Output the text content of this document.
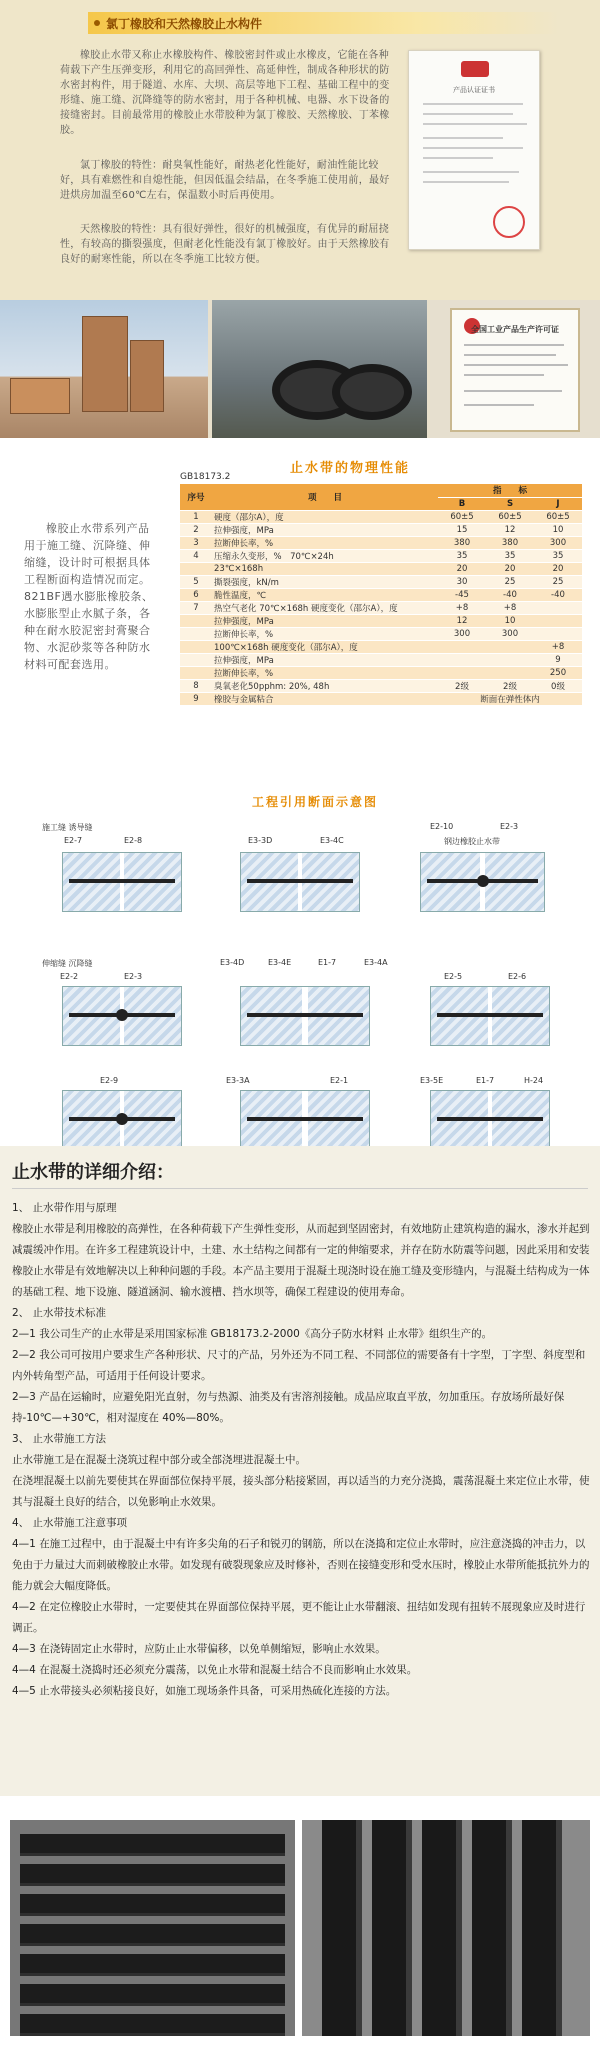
氯丁橡胶和天然橡胶止水构件

橡胶止水带又称止水橡胶构件、橡胶密封件或止水橡皮，它能在各种荷载下产生压弹变形，利用它的高回弹性、高延伸性，制成各种形状的防水密封构件，用于隧道、水库、大坝、高层等地下工程、基础工程中的变形缝、施工缝、沉降缝等的防水密封，用于各种机械、电器、水下设备的接缝密封。目前最常用的橡胶止水带胶种为氯丁橡胶、天然橡胶、丁苯橡胶。

氯丁橡胶的特性：耐臭氧性能好，耐热老化性能好，耐油性能比较好，具有难燃性和自熄性能，但因低温会结晶，在冬季施工使用前，最好进烘房加温至60℃左右，保温数小时后再使用。

天然橡胶的特性：具有很好弹性，很好的机械强度，有优异的耐屈挠性，有较高的撕裂强度，但耐老化性能没有氯丁橡胶好。由于天然橡胶有良好的耐寒性能，所以在冬季施工比较方便。

产品认证证书
全国工业产品生产许可证
止水带的物理性能
GB18173.2

橡胶止水带系列产品用于施工缝、沉降缝、伸缩缝，设计时可根据具体工程断面构造情况而定。821BF遇水膨胀橡胶条、水膨胀型止水腻子条，各种在耐水胶泥密封膏聚合物、水泥砂浆等各种防水材料可配套选用。

序号	项　　目	指　　标		
		B	S	J
1	硬度（邵尔A），度	60±5	60±5	60±5
2	拉伸强度，MPa	15	12	10
3	拉断伸长率，%	380	380	300
4	压缩永久变形，%　70℃×24h	35	35	35
	23℃×168h	20	20	20
5	撕裂强度，kN/m	30	25	25
6	脆性温度，℃	-45	-40	-40
7	热空气老化 70℃×168h 硬度变化（邵尔A），度	+8	+8	
	拉伸强度，MPa	12	10	
	拉断伸长率，%	300	300	
	100℃×168h 硬度变化（邵尔A），度			+8
	拉伸强度，MPa			9
	拉断伸长率，%			250
8	臭氧老化50pphm: 20%, 48h	2级	2级	0级
9	橡胶与金属粘合	断面在弹性体内		
工程引用断面示意图
施工缝 诱导缝
E2-7	E2-8	E3-3D	E3-4C
E2-10	E2-3
钢边橡胶止水带
伸缩缝 沉降缝
E2-2	E2-3
E3-4D	E3-4E	E1-7	E3-4A
E2-5	E2-6
E2-9	E3-3A	E2-1	E3-5E	E1-7	H-24
止水带的详细介绍：

1、 止水带作用与原理

橡胶止水带是利用橡胶的高弹性，在各种荷载下产生弹性变形，从而起到坚固密封，有效地防止建筑构造的漏水，渗水并起到减震缓冲作用。在许多工程建筑设计中，土建、水土结构之间都有一定的伸缩要求，并存在防水防震等问题，因此采用和安装橡胶止水带是有效地解决以上种种问题的手段。本产品主要用于混凝土现浇时设在施工缝及变形缝内，与混凝土结构成为一体的基础工程、地下设施、隧道涵洞、输水渡槽、挡水坝等，确保工程建设的使用寿命。

2、 止水带技术标准

2—1 我公司生产的止水带是采用国家标准 GB18173.2-2000《高分子防水材料 止水带》组织生产的。

2—2 我公司可按用户要求生产各种形状、尺寸的产品，另外还为不同工程、不同部位的需要备有十字型，丁字型、斜度型和内外转角型产品，可适用于任何设计要求。

2—3 产品在运输时，应避免阳光直射，勿与热源、油类及有害溶剂接触。成品应取直平放，勿加重压。存放场所最好保持-10℃—+30℃，相对湿度在 40%—80%。

3、 止水带施工方法

止水带施工是在混凝土浇筑过程中部分或全部浇埋进混凝土中。

在浇埋混凝土以前先要使其在界面部位保持平展，接头部分粘接紧固，再以适当的力充分浇捣，震荡混凝土来定位止水带，使其与混凝土良好的结合，以免影响止水效果。

4、 止水带施工注意事项

4—1 在施工过程中，由于混凝土中有许多尖角的石子和锐刃的钢筋，所以在浇捣和定位止水带时，应注意浇捣的冲击力，以免由于力量过大而刺破橡胶止水带。如发现有破裂现象应及时修补，否则在接缝变形和受水压时，橡胶止水带所能抵抗外力的能力就会大幅度降低。

4—2 在定位橡胶止水带时，一定要使其在界面部位保持平展，更不能让止水带翻滚、扭结如发现有扭转不展现象应及时进行调正。

4—3 在浇铸固定止水带时，应防止止水带偏移，以免单侧缩短，影响止水效果。

4—4 在混凝土浇捣时还必须充分震荡，以免止水带和混凝土结合不良而影响止水效果。

4—5 止水带接头必须粘接良好，如施工现场条件具备，可采用热硫化连接的方法。
